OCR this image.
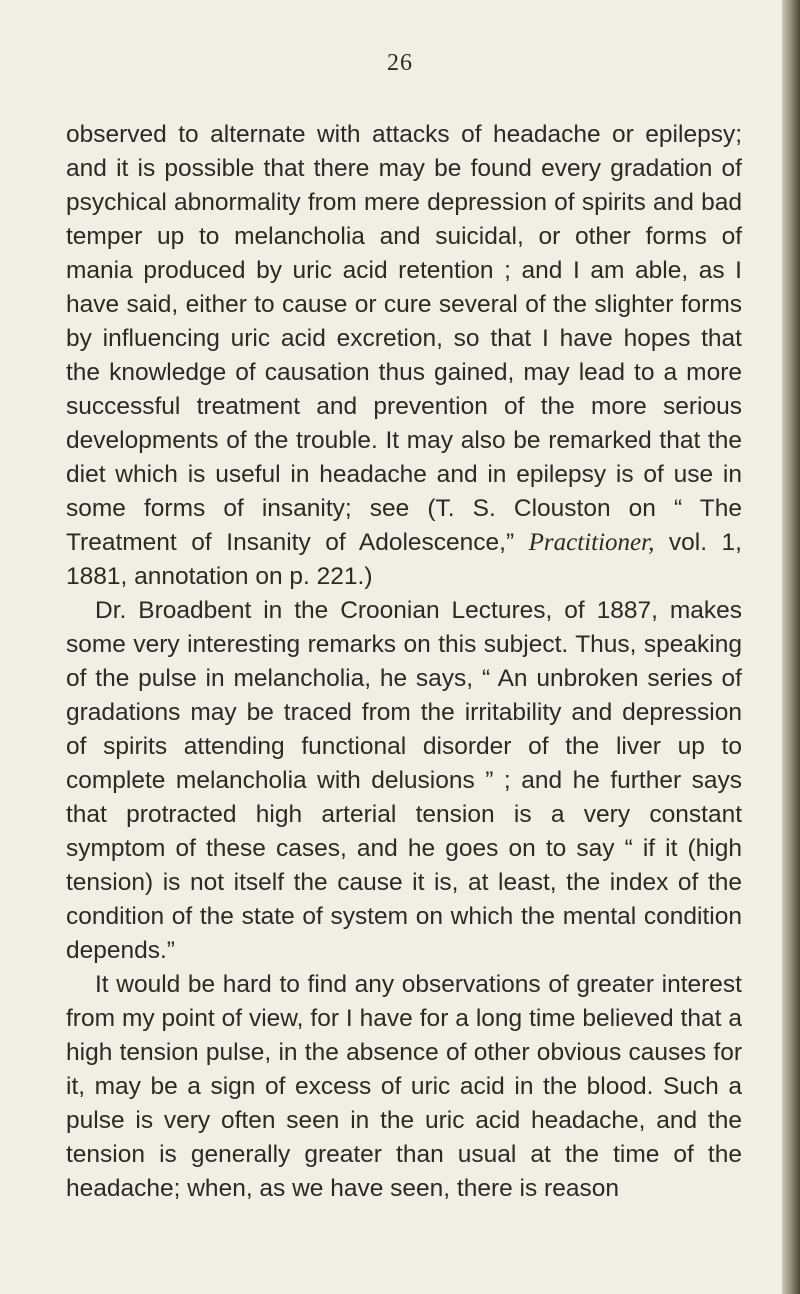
26

observed to alternate with attacks of headache or epilepsy; and it is possible that there may be found every gradation of psychical abnormality from mere depression of spirits and bad temper up to melancholia and suicidal, or other forms of mania produced by uric acid retention ; and I am able, as I have said, either to cause or cure several of the slighter forms by influencing uric acid excretion, so that I have hopes that the knowledge of causation thus gained, may lead to a more successful treatment and prevention of the more serious developments of the trouble. It may also be remarked that the diet which is useful in headache and in epilepsy is of use in some forms of insanity; see (T. S. Clouston on “ The Treatment of Insanity of Adolescence,” Practitioner, vol. 1, 1881, annotation on p. 221.)

Dr. Broadbent in the Croonian Lectures, of 1887, makes some very interesting remarks on this subject. Thus, speaking of the pulse in melancholia, he says, “ An unbroken series of gradations may be traced from the irritability and depression of spirits attending functional disorder of the liver up to complete melancholia with delusions ” ; and he further says that protracted high arterial tension is a very constant symptom of these cases, and he goes on to say “ if it (high tension) is not itself the cause it is, at least, the index of the condition of the state of system on which the mental condition depends.”

It would be hard to find any observations of greater interest from my point of view, for I have for a long time believed that a high tension pulse, in the absence of other obvious causes for it, may be a sign of excess of uric acid in the blood. Such a pulse is very often seen in the uric acid headache, and the tension is generally greater than usual at the time of the headache; when, as we have seen, there is reason
